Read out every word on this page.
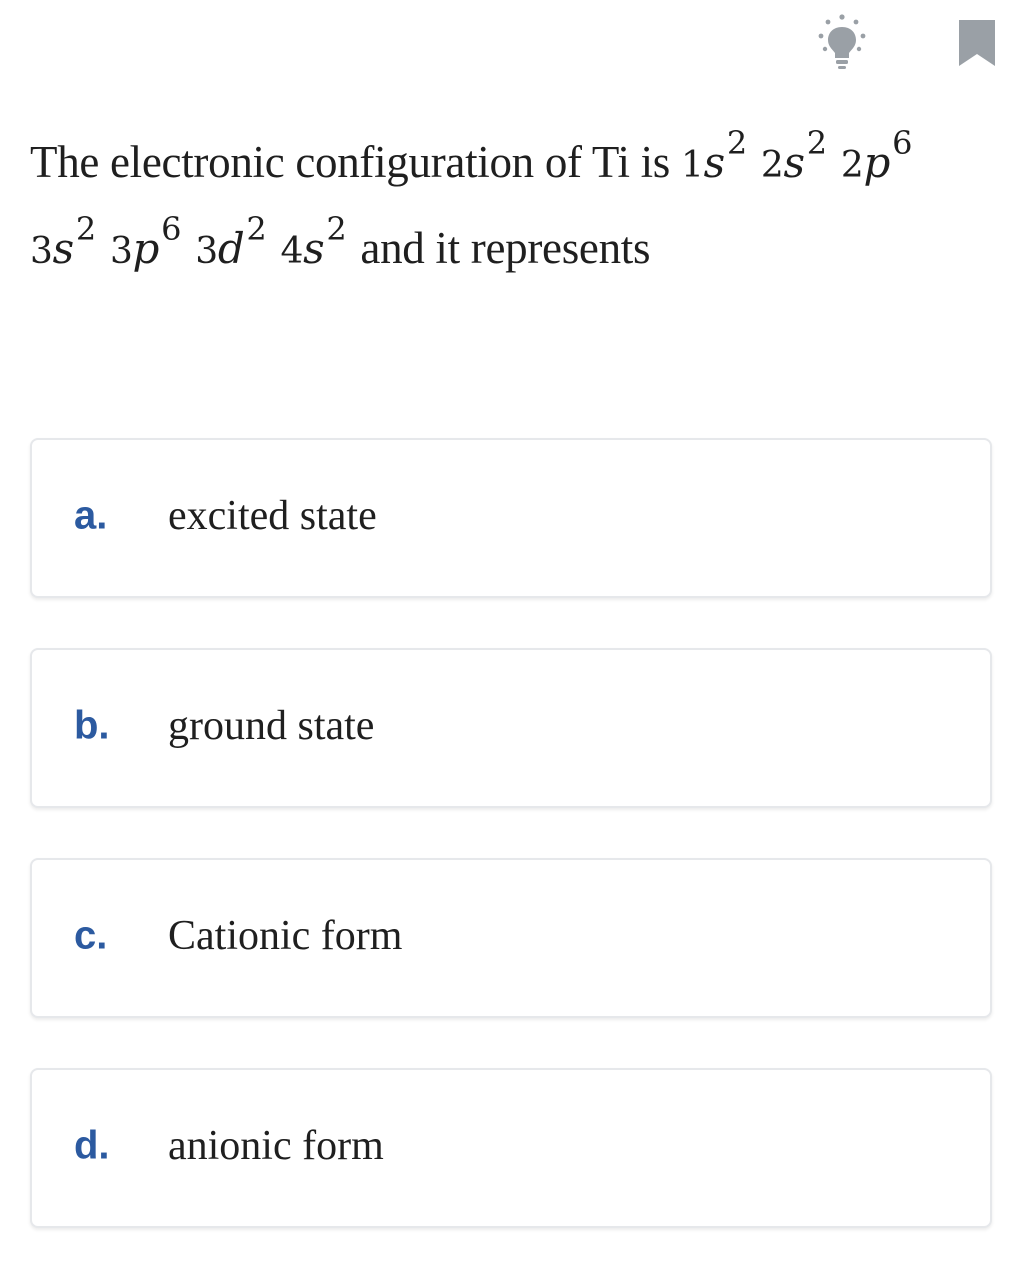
The electronic configuration of Ti is $1s^22s^22p^6$
$3s^23p^63d^24s^2$ and it represents
a. excited state
b. ground state
c. Cationic form
d. anionic form
